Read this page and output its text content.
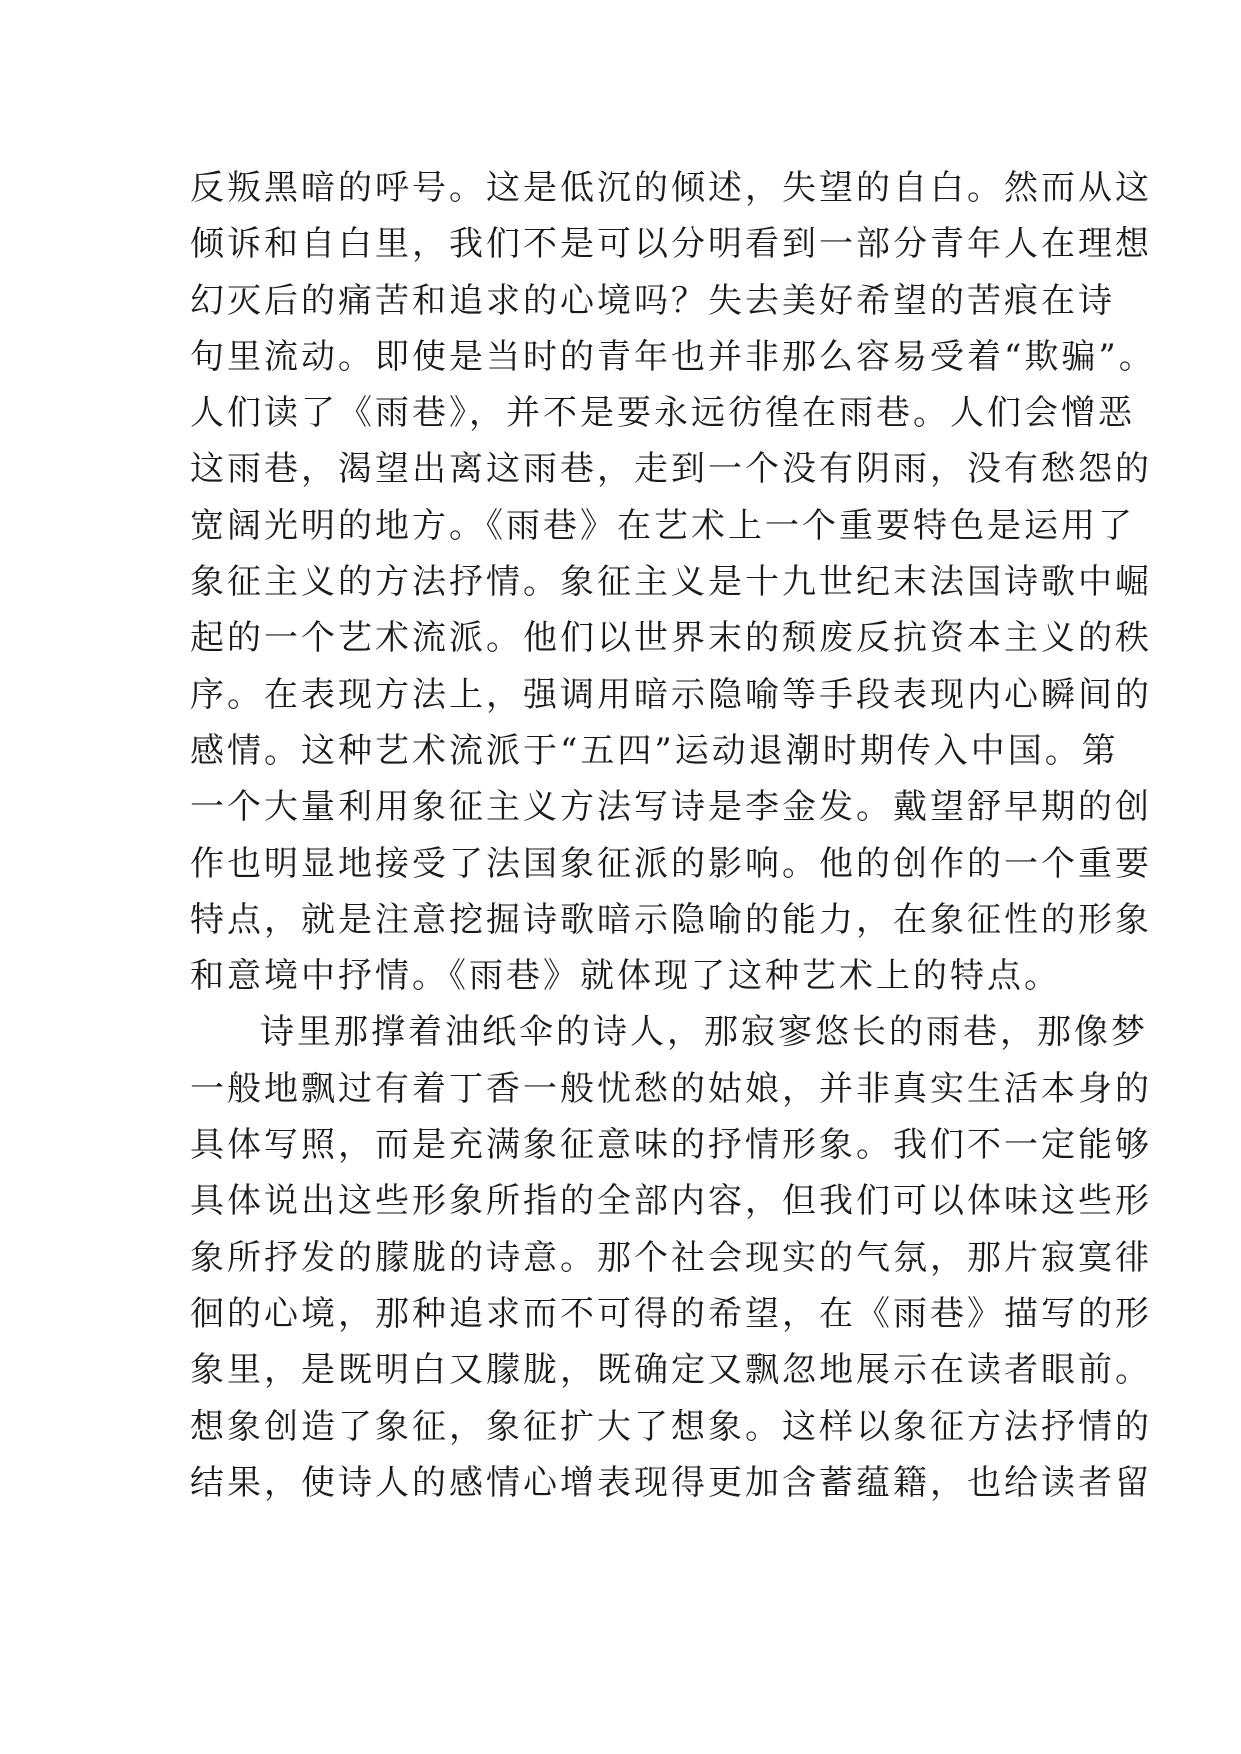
反叛黑暗的呼号。这是低沉的倾述，失望的自白。然而从这
倾诉和自白里，我们不是可以分明看到一部分青年人在理想
幻灭后的痛苦和追求的心境吗？失去美好希望的苦痕在诗
句里流动。即使是当时的青年也并非那么容易受着“欺骗”。
人们读了《雨巷》，并不是要永远彷徨在雨巷。人们会憎恶
这雨巷，渴望出离这雨巷，走到一个没有阴雨，没有愁怨的
宽阔光明的地方。《雨巷》在艺术上一个重要特色是运用了
象征主义的方法抒情。象征主义是十九世纪末法国诗歌中崛
起的一个艺术流派。他们以世界末的颓废反抗资本主义的秩
序。在表现方法上，强调用暗示隐喻等手段表现内心瞬间的
感情。这种艺术流派于“五四”运动退潮时期传入中国。第
一个大量利用象征主义方法写诗是李金发。戴望舒早期的创
作也明显地接受了法国象征派的影响。他的创作的一个重要
特点，就是注意挖掘诗歌暗示隐喻的能力，在象征性的形象
和意境中抒情。《雨巷》就体现了这种艺术上的特点。
诗里那撑着油纸伞的诗人，那寂寥悠长的雨巷，那像梦
一般地飘过有着丁香一般忧愁的姑娘，并非真实生活本身的
具体写照，而是充满象征意味的抒情形象。我们不一定能够
具体说出这些形象所指的全部内容，但我们可以体味这些形
象所抒发的朦胧的诗意。那个社会现实的气氛，那片寂寞徘
徊的心境，那种追求而不可得的希望，在《雨巷》描写的形
象里，是既明白又朦胧，既确定又飘忽地展示在读者眼前。
想象创造了象征，象征扩大了想象。这样以象征方法抒情的
结果，使诗人的感情心增表现得更加含蓄蕴籍，也给读者留
